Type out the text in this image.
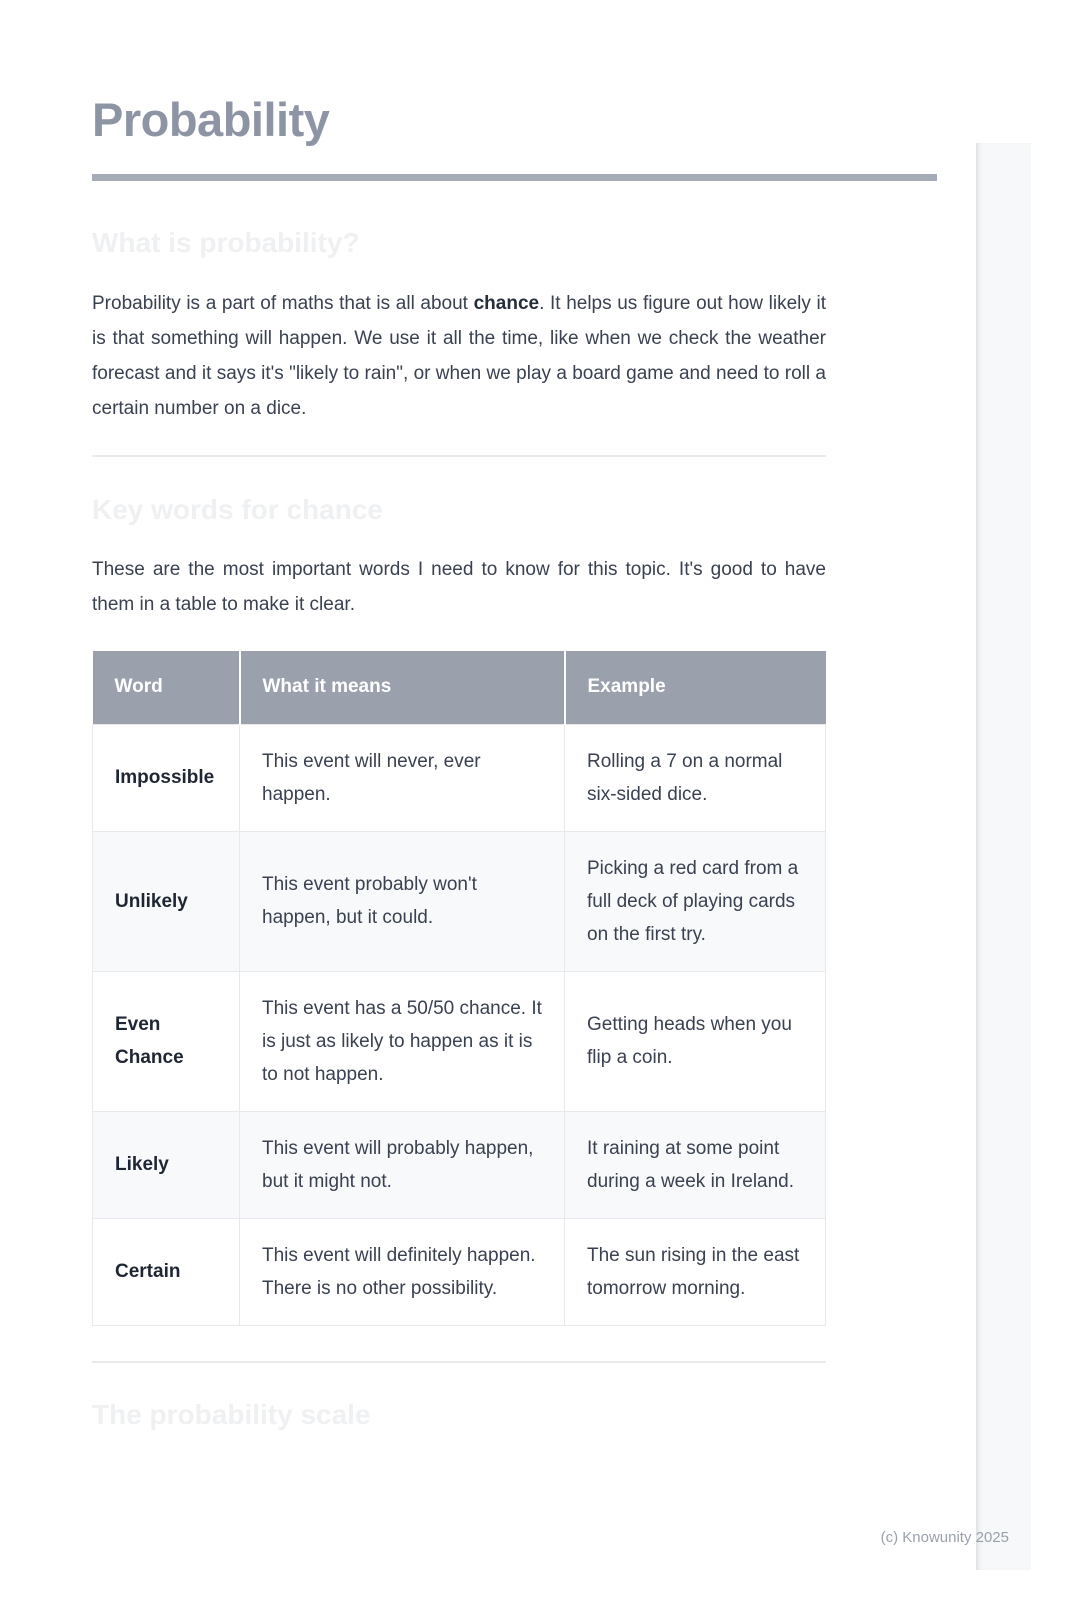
Probability
What is probability?

Probability is a part of maths that is all about chance. It helps us figure out how likely it is that something will happen. We use it all the time, like when we check the weather forecast and it says it's "likely to rain", or when we play a board game and need to roll a certain number on a dice.

Key words for chance

These are the most important words I need to know for this topic. It's good to have them in a table to make it clear.

Word	What it means	Example
Impossible	This event will never, ever happen.	Rolling a 7 on a normal six-sided dice.
Unlikely	This event probably won't happen, but it could.	Picking a red card from a full deck of playing cards on the first try.
Even Chance	This event has a 50/50 chance. It is just as likely to happen as it is to not happen.	Getting heads when you flip a coin.
Likely	This event will probably happen, but it might not.	It raining at some point during a week in Ireland.
Certain	This event will definitely happen. There is no other possibility.	The sun rising in the east tomorrow morning.
The probability scale
(c) Knowunity 2025
